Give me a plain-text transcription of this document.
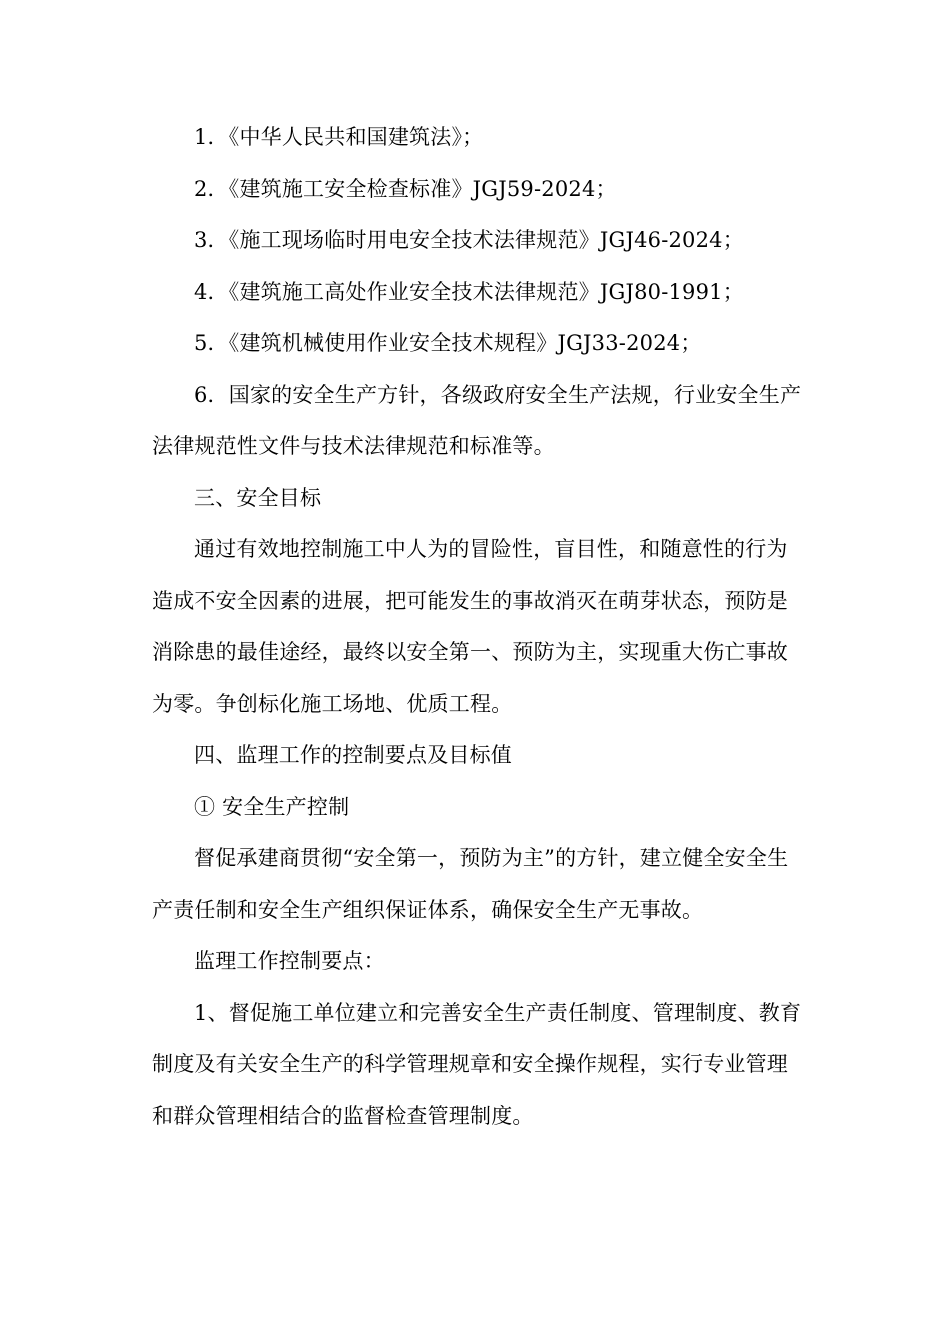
1．《中华人民共和国建筑法》；

2．《建筑施工安全检查标准》JGJ59-2024；

3．《施工现场临时用电安全技术法律规范》JGJ46-2024；

4．《建筑施工高处作业安全技术法律规范》JGJ80-1991；

5．《建筑机械使用作业安全技术规程》JGJ33-2024；

6．国家的安全生产方针，各级政府安全生产法规，行业安全生产法律规范性文件与技术法律规范和标准等。

三、安全目标

通过有效地控制施工中人为的冒险性，盲目性，和随意性的行为造成不安全因素的进展，把可能发生的事故消灭在萌芽状态，预防是消除患的最佳途经，最终以安全第一、预防为主，实现重大伤亡事故为零。争创标化施工场地、优质工程。

四、监理工作的控制要点及目标值

① 安全生产控制

督促承建商贯彻“安全第一，预防为主”的方针，建立健全安全生产责任制和安全生产组织保证体系，确保安全生产无事故。

监理工作控制要点：

1、督促施工单位建立和完善安全生产责任制度、管理制度、教育制度及有关安全生产的科学管理规章和安全操作规程，实行专业管理和群众管理相结合的监督检查管理制度。
